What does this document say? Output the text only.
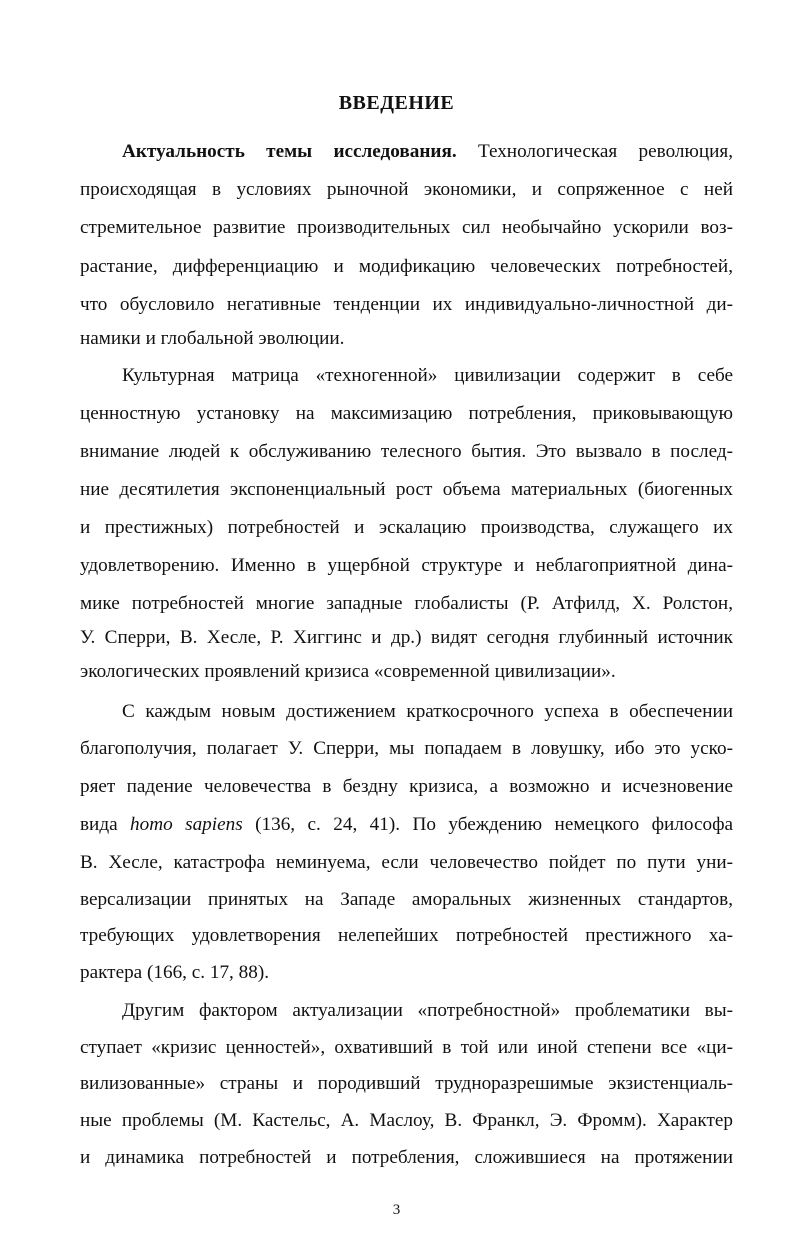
ВВЕДЕНИЕ
Актуальность темы исследования. Технологическая революция,
происходящая в условиях рыночной экономики, и сопряженное с ней
стремительное развитие производительных сил необычайно ускорили воз-
растание, дифференциацию и модификацию человеческих потребностей,
что обусловило негативные тенденции их индивидуально-личностной ди-
намики и глобальной эволюции.
Культурная матрица «техногенной» цивилизации содержит в себе
ценностную установку на максимизацию потребления, приковывающую
внимание людей к обслуживанию телесного бытия. Это вызвало в послед-
ние десятилетия экспоненциальный рост объема материальных (биогенных
и престижных) потребностей и эскалацию производства, служащего их
удовлетворению. Именно в ущербной структуре и неблагоприятной дина-
мике потребностей многие западные глобалисты (Р. Атфилд, Х. Ролстон,
У. Сперри, В. Хесле, Р. Хиггинс и др.) видят сегодня глубинный источник
экологических проявлений кризиса «современной цивилизации».
С каждым новым достижением краткосрочного успеха в обеспечении
благополучия, полагает У. Сперри, мы попадаем в ловушку, ибо это уско-
ряет падение человечества в бездну кризиса, а возможно и исчезновение
вида homo sapiens (136, с. 24, 41). По убеждению немецкого философа
В. Хесле, катастрофа неминуема, если человечество пойдет по пути уни-
версализации принятых на Западе аморальных жизненных стандартов,
требующих удовлетворения нелепейших потребностей престижного ха-
рактера (166, с. 17, 88).
Другим фактором актуализации «потребностной» проблематики вы-
ступает «кризис ценностей», охвативший в той или иной степени все «ци-
вилизованные» страны и породивший трудноразрешимые экзистенциаль-
ные проблемы (М. Кастельс, А. Маслоу, В. Франкл, Э. Фромм). Характер
и динамика потребностей и потребления, сложившиеся на протяжении
3
